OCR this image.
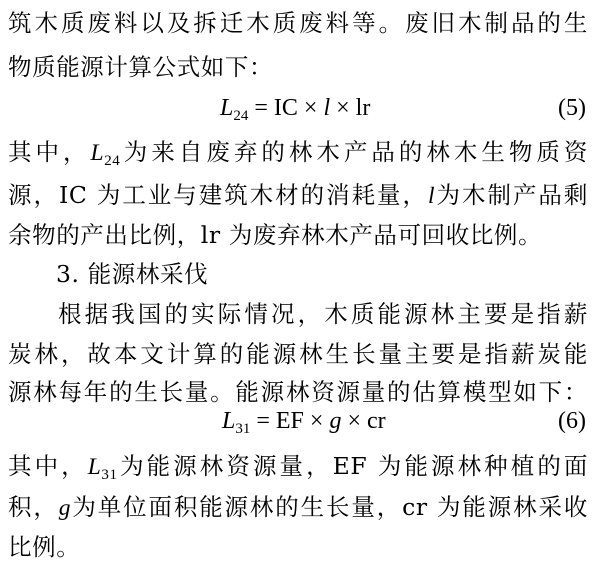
筑木质废料以及拆迁木质废料等。废旧木制品的生
物质能源计算公式如下：
$L_{24}$ = IC × l × lr	(5)
其中，$L_{24}$为来自废弃的林木产品的林木生物质资
源，IC 为工业与建筑木材的消耗量，l为木制产品剩
余物的产出比例，lr 为废弃林木产品可回收比例。
3. 能源林采伐
根据我国的实际情况，木质能源林主要是指薪
炭林，故本文计算的能源林生长量主要是指薪炭能
源林每年的生长量。能源林资源量的估算模型如下：
$L_{31}$ = EF × g × cr	(6)
其中，$L_{31}$为能源林资源量，EF 为能源林种植的面
积，g为单位面积能源林的生长量，cr 为能源林采收
比例。
